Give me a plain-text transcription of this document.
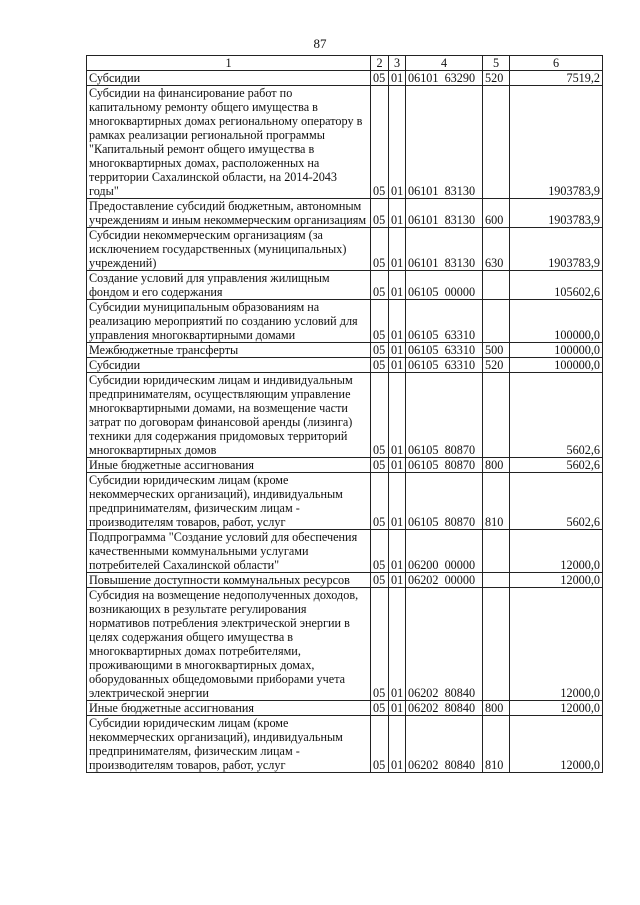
87
1	2	3	4	5	6
Субсидии	05	01	06101  63290	520	7519,2
Субсидии на финансирование работ по капитальному ремонту общего имущества в многоквартирных домах региональному оператору в рамках реализации региональной программы "Капитальный ремонт общего имущества в многоквартирных домах, расположенных на территории Сахалинской области, на 2014-2043 годы"	05	01	06101  83130		1903783,9
Предоставление субсидий бюджетным, автономным учреждениям и иным некоммерческим организациям	05	01	06101  83130	600	1903783,9
Субсидии некоммерческим организациям (за исключением государственных (муниципальных) учреждений)	05	01	06101  83130	630	1903783,9
Создание условий для управления жилищным фондом и его содержания	05	01	06105  00000		105602,6
Субсидии муниципальным образованиям на реализацию мероприятий по созданию условий для управления многоквартирными домами	05	01	06105  63310		100000,0
Межбюджетные трансферты	05	01	06105  63310	500	100000,0
Субсидии	05	01	06105  63310	520	100000,0
Субсидии юридическим лицам и индивидуальным предпринимателям, осуществляющим управление многоквартирными домами, на возмещение части затрат по договорам финансовой аренды (лизинга) техники для содержания придомовых территорий многоквартирных домов	05	01	06105  80870		5602,6
Иные бюджетные ассигнования	05	01	06105  80870	800	5602,6
Субсидии юридическим лицам (кроме некоммерческих организаций), индивидуальным предпринимателям, физическим лицам - производителям товаров, работ, услуг	05	01	06105  80870	810	5602,6
Подпрограмма "Создание условий для обеспечения качественными коммунальными услугами потребителей Сахалинской области"	05	01	06200  00000		12000,0
Повышение доступности коммунальных ресурсов	05	01	06202  00000		12000,0
Субсидия на возмещение недополученных доходов, возникающих в результате регулирования нормативов потребления электрической энергии в целях содержания общего имущества в многоквартирных домах потребителями, проживающими в многоквартирных домах, оборудованных общедомовыми приборами учета электрической энергии	05	01	06202  80840		12000,0
Иные бюджетные ассигнования	05	01	06202  80840	800	12000,0
Субсидии юридическим лицам (кроме некоммерческих организаций), индивидуальным предпринимателям, физическим лицам - производителям товаров, работ, услуг	05	01	06202  80840	810	12000,0
